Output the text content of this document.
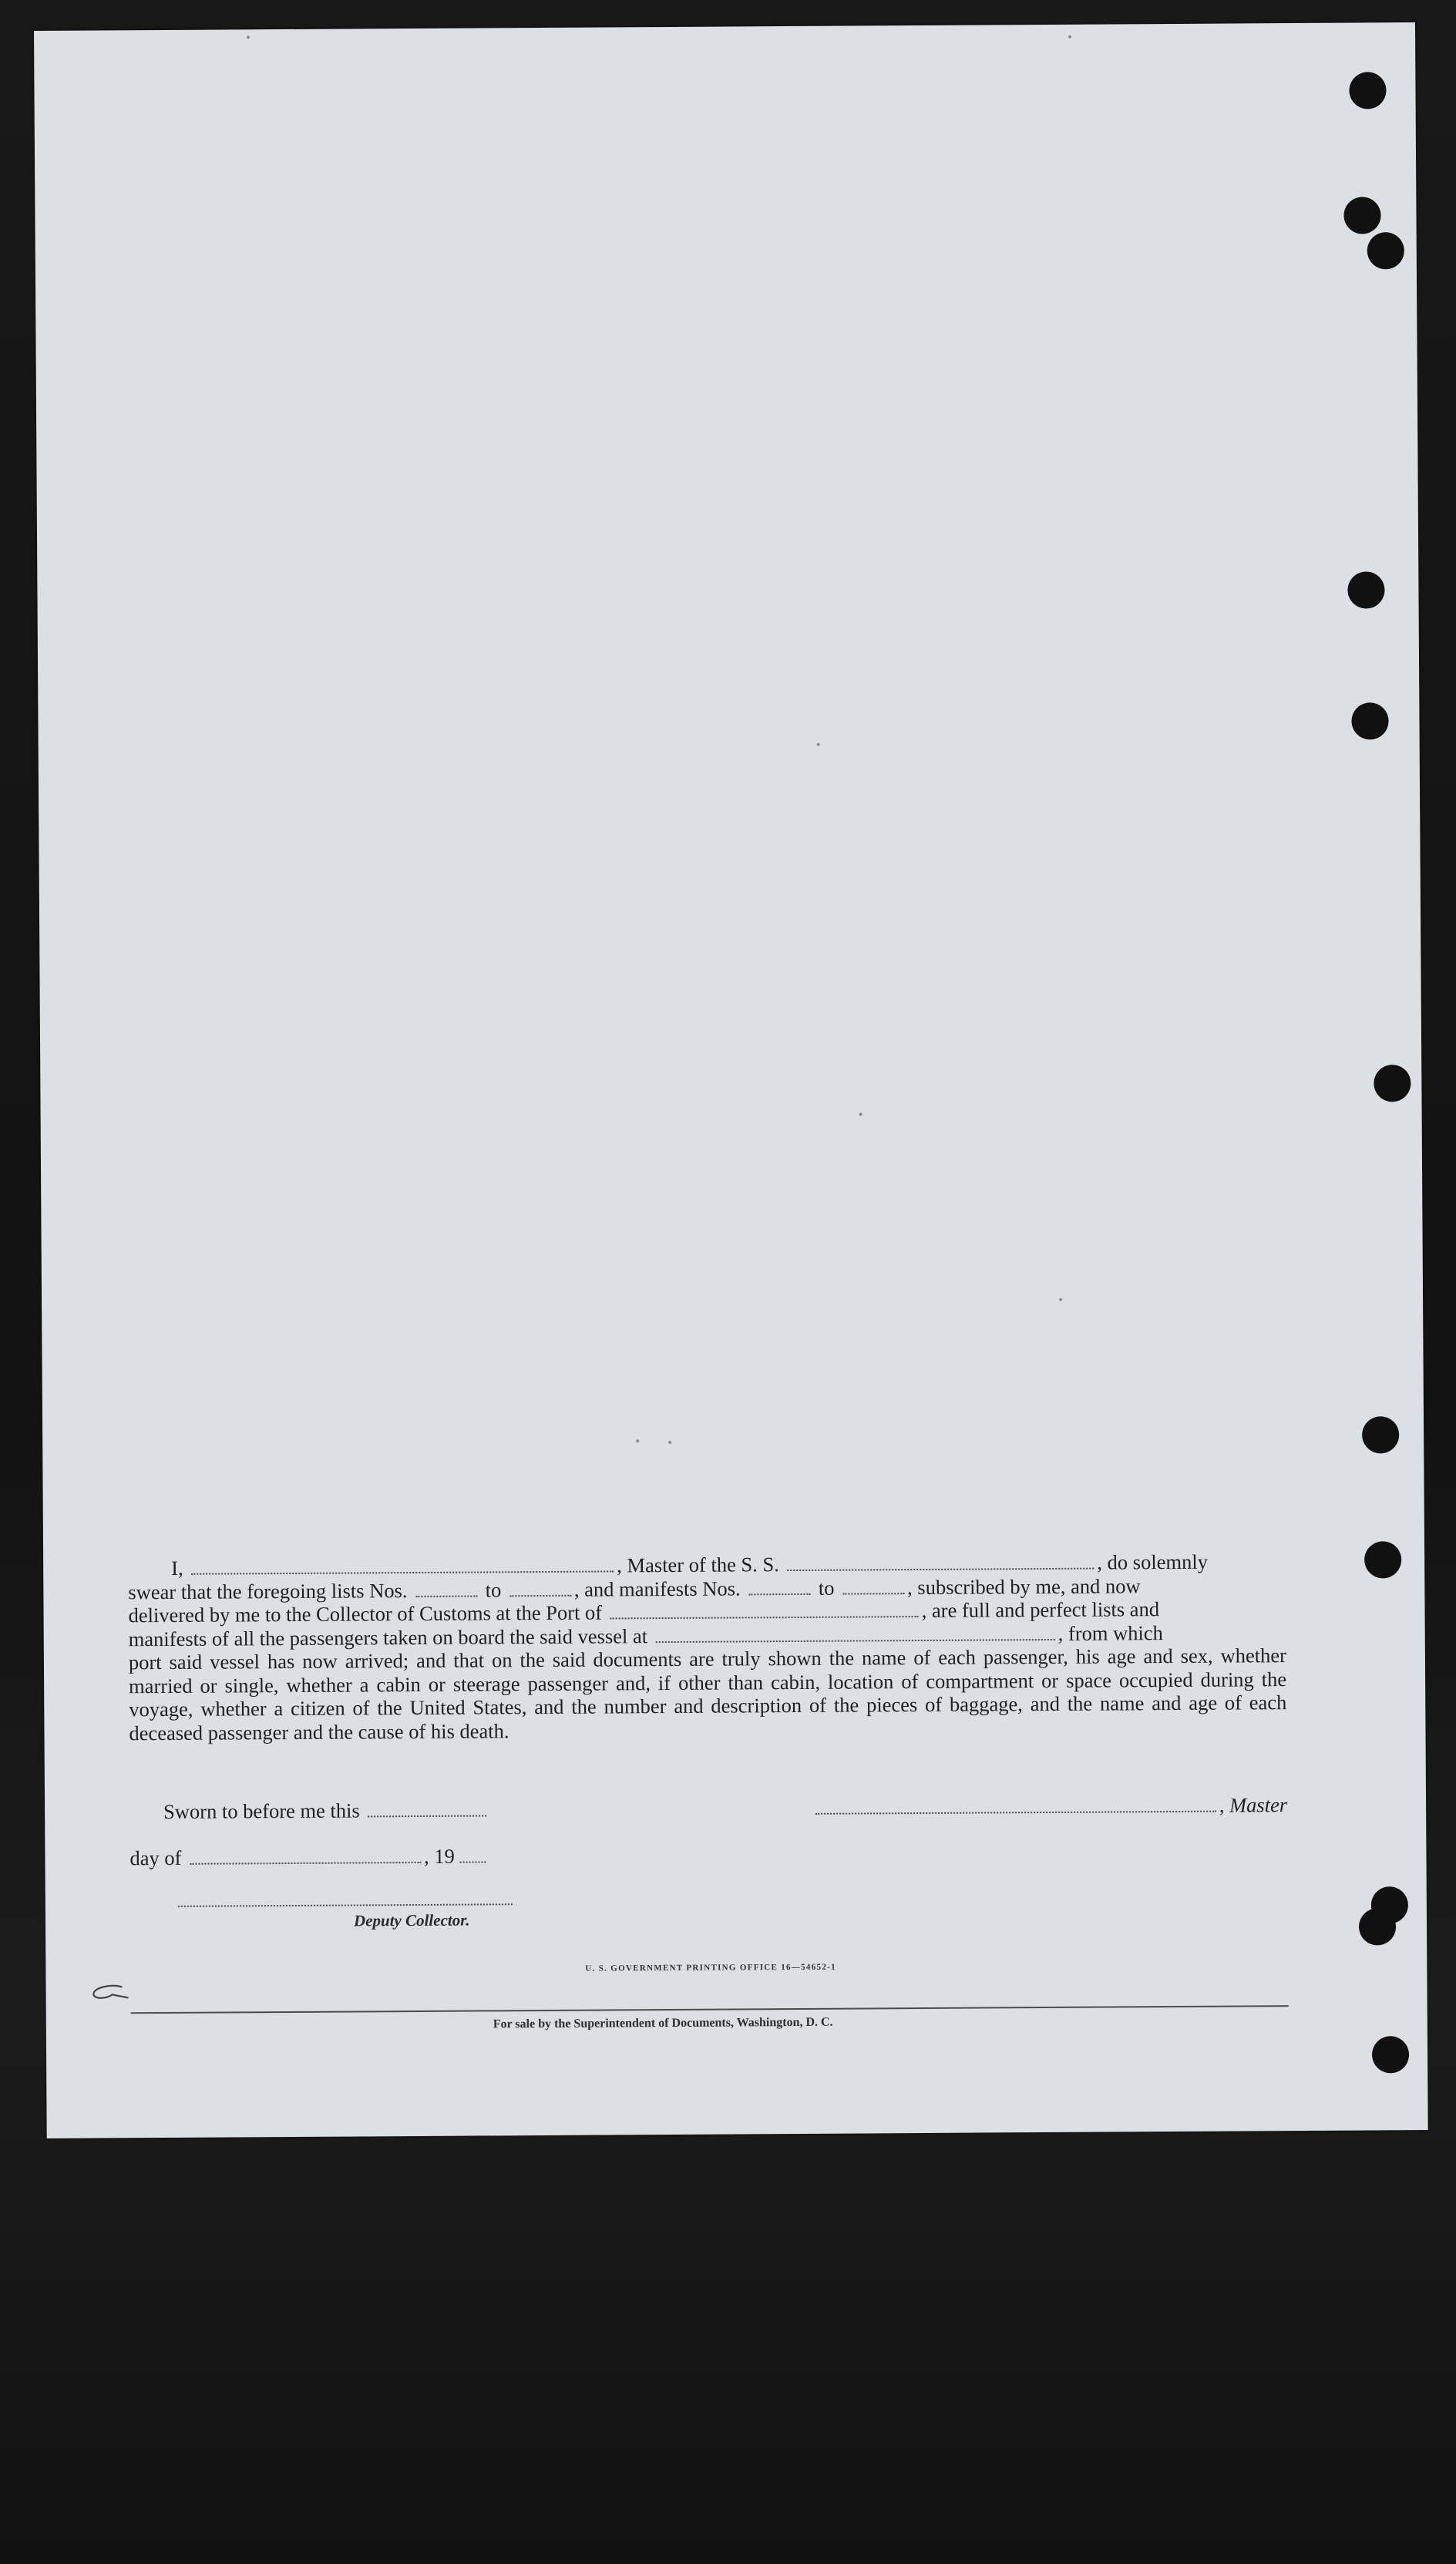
I,	, Master of the S. S.	, do solemnly

swear that the foregoing lists Nos.	to	, and manifests Nos.	to	, subscribed by me, and now

delivered by me to the Collector of Customs at the Port of	, are full and perfect lists and

manifests of all the passengers taken on board the said vessel at	, from which

port said vessel has now arrived; and that on the said documents are truly shown the name of each passenger, his age and sex, whether married or single, whether a cabin or steerage passenger and, if other than cabin, location of compartment or space occupied during the voyage, whether a citizen of the United States, and the number and description of the pieces of baggage, and the name and age of each deceased passenger and the cause of his death.

Sworn to before me this	, Master
day of	, 19
Deputy Collector.
U. S. GOVERNMENT PRINTING OFFICE 16—54652-1
For sale by the Superintendent of Documents, Washington, D. C.
